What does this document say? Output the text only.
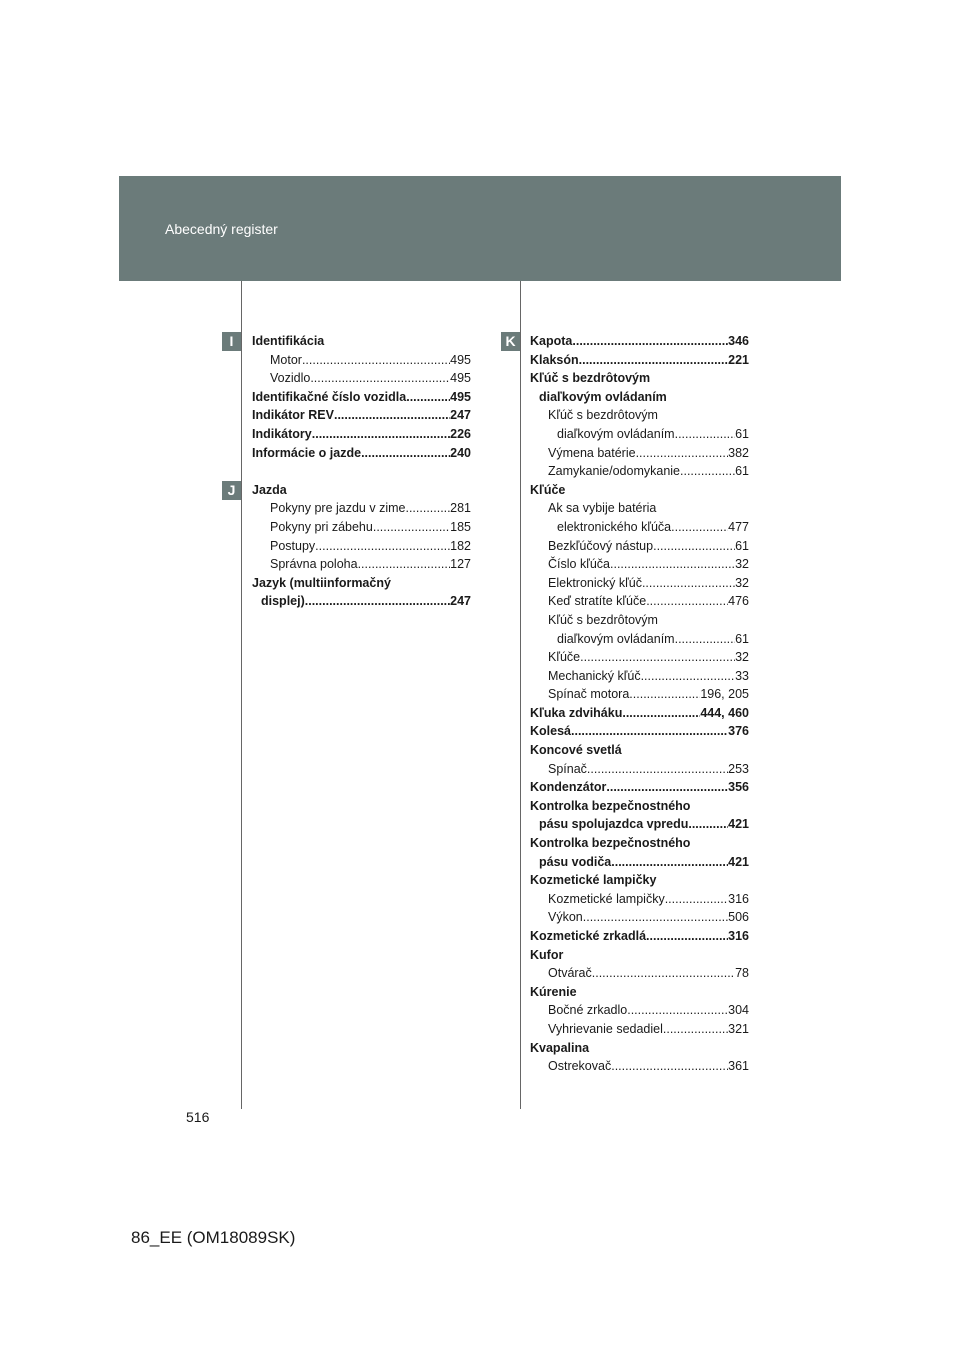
Abecedný register
I
J
K
Identifikácia
Motor .....	495
Vozidlo .....	495
Identifikačné číslo vozidla .....	495
Indikátor REV .....	247
Indikátory .....	226
Informácie o jazde .....	240
Jazda
Pokyny pre jazdu v zime .....	281
Pokyny pri zábehu .....	185
Postupy .....	182
Správna poloha .....	127
Jazyk (multiinformačný
displej) .....	247
Kapota .....	346
Klaksón .....	221
Kľúč s bezdrôtovým
diaľkovým ovládaním
Kľúč s bezdrôtovým
diaľkovým ovládaním .....	61
Výmena batérie .....	382
Zamykanie/odomykanie .....	61
Kľúče
Ak sa vybije batéria
elektronického kľúča .....	477
Bezkľúčový nástup .....	61
Číslo kľúča .....	32
Elektronický kľúč .....	32
Keď stratíte kľúče .....	476
Kľúč s bezdrôtovým
diaľkovým ovládaním .....	61
Kľúče .....	32
Mechanický kľúč .....	33
Spínač motora .....	196, 205
Kľuka zdviháku .....	444, 460
Kolesá .....	376
Koncové svetlá
Spínač .....	253
Kondenzátor .....	356
Kontrolka bezpečnostného
pásu spolujazdca vpredu .....	421
Kontrolka bezpečnostného
pásu vodiča .....	421
Kozmetické lampičky
Kozmetické lampičky .....	316
Výkon .....	506
Kozmetické zrkadlá .....	316
Kufor
Otvárač .....	78
Kúrenie
Bočné zrkadlo .....	304
Vyhrievanie sedadiel .....	321
Kvapalina
Ostrekovač .....	361
516
86_EE (OM18089SK)
